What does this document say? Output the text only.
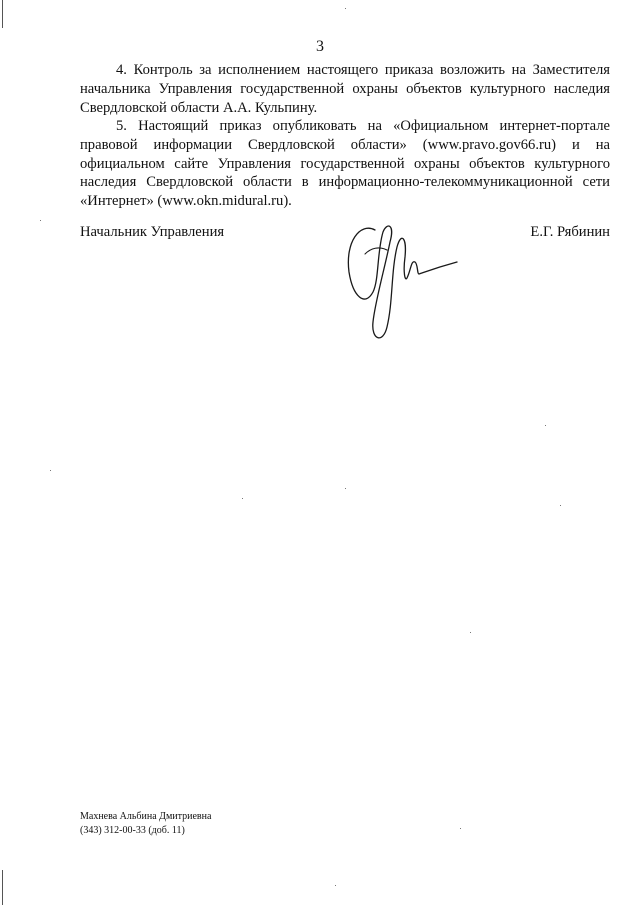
3

4. Контроль за исполнением настоящего приказа возложить на Заместителя начальника Управления государственной охраны объектов культурного наследия Свердловской области А.А. Кульпину.

5. Настоящий приказ опубликовать на «Официальном интернет-портале правовой информации Свердловской области» (www.pravo.gov66.ru) и на официальном сайте Управления государственной охраны объектов культурного наследия Свердловской области в информационно-телекоммуникационной сети «Интернет» (www.okn.midural.ru).

Начальник Управления	Е.Г. Рябинин
Махнева Альбина Дмитриевна
(343) 312-00-33 (доб. 11)
